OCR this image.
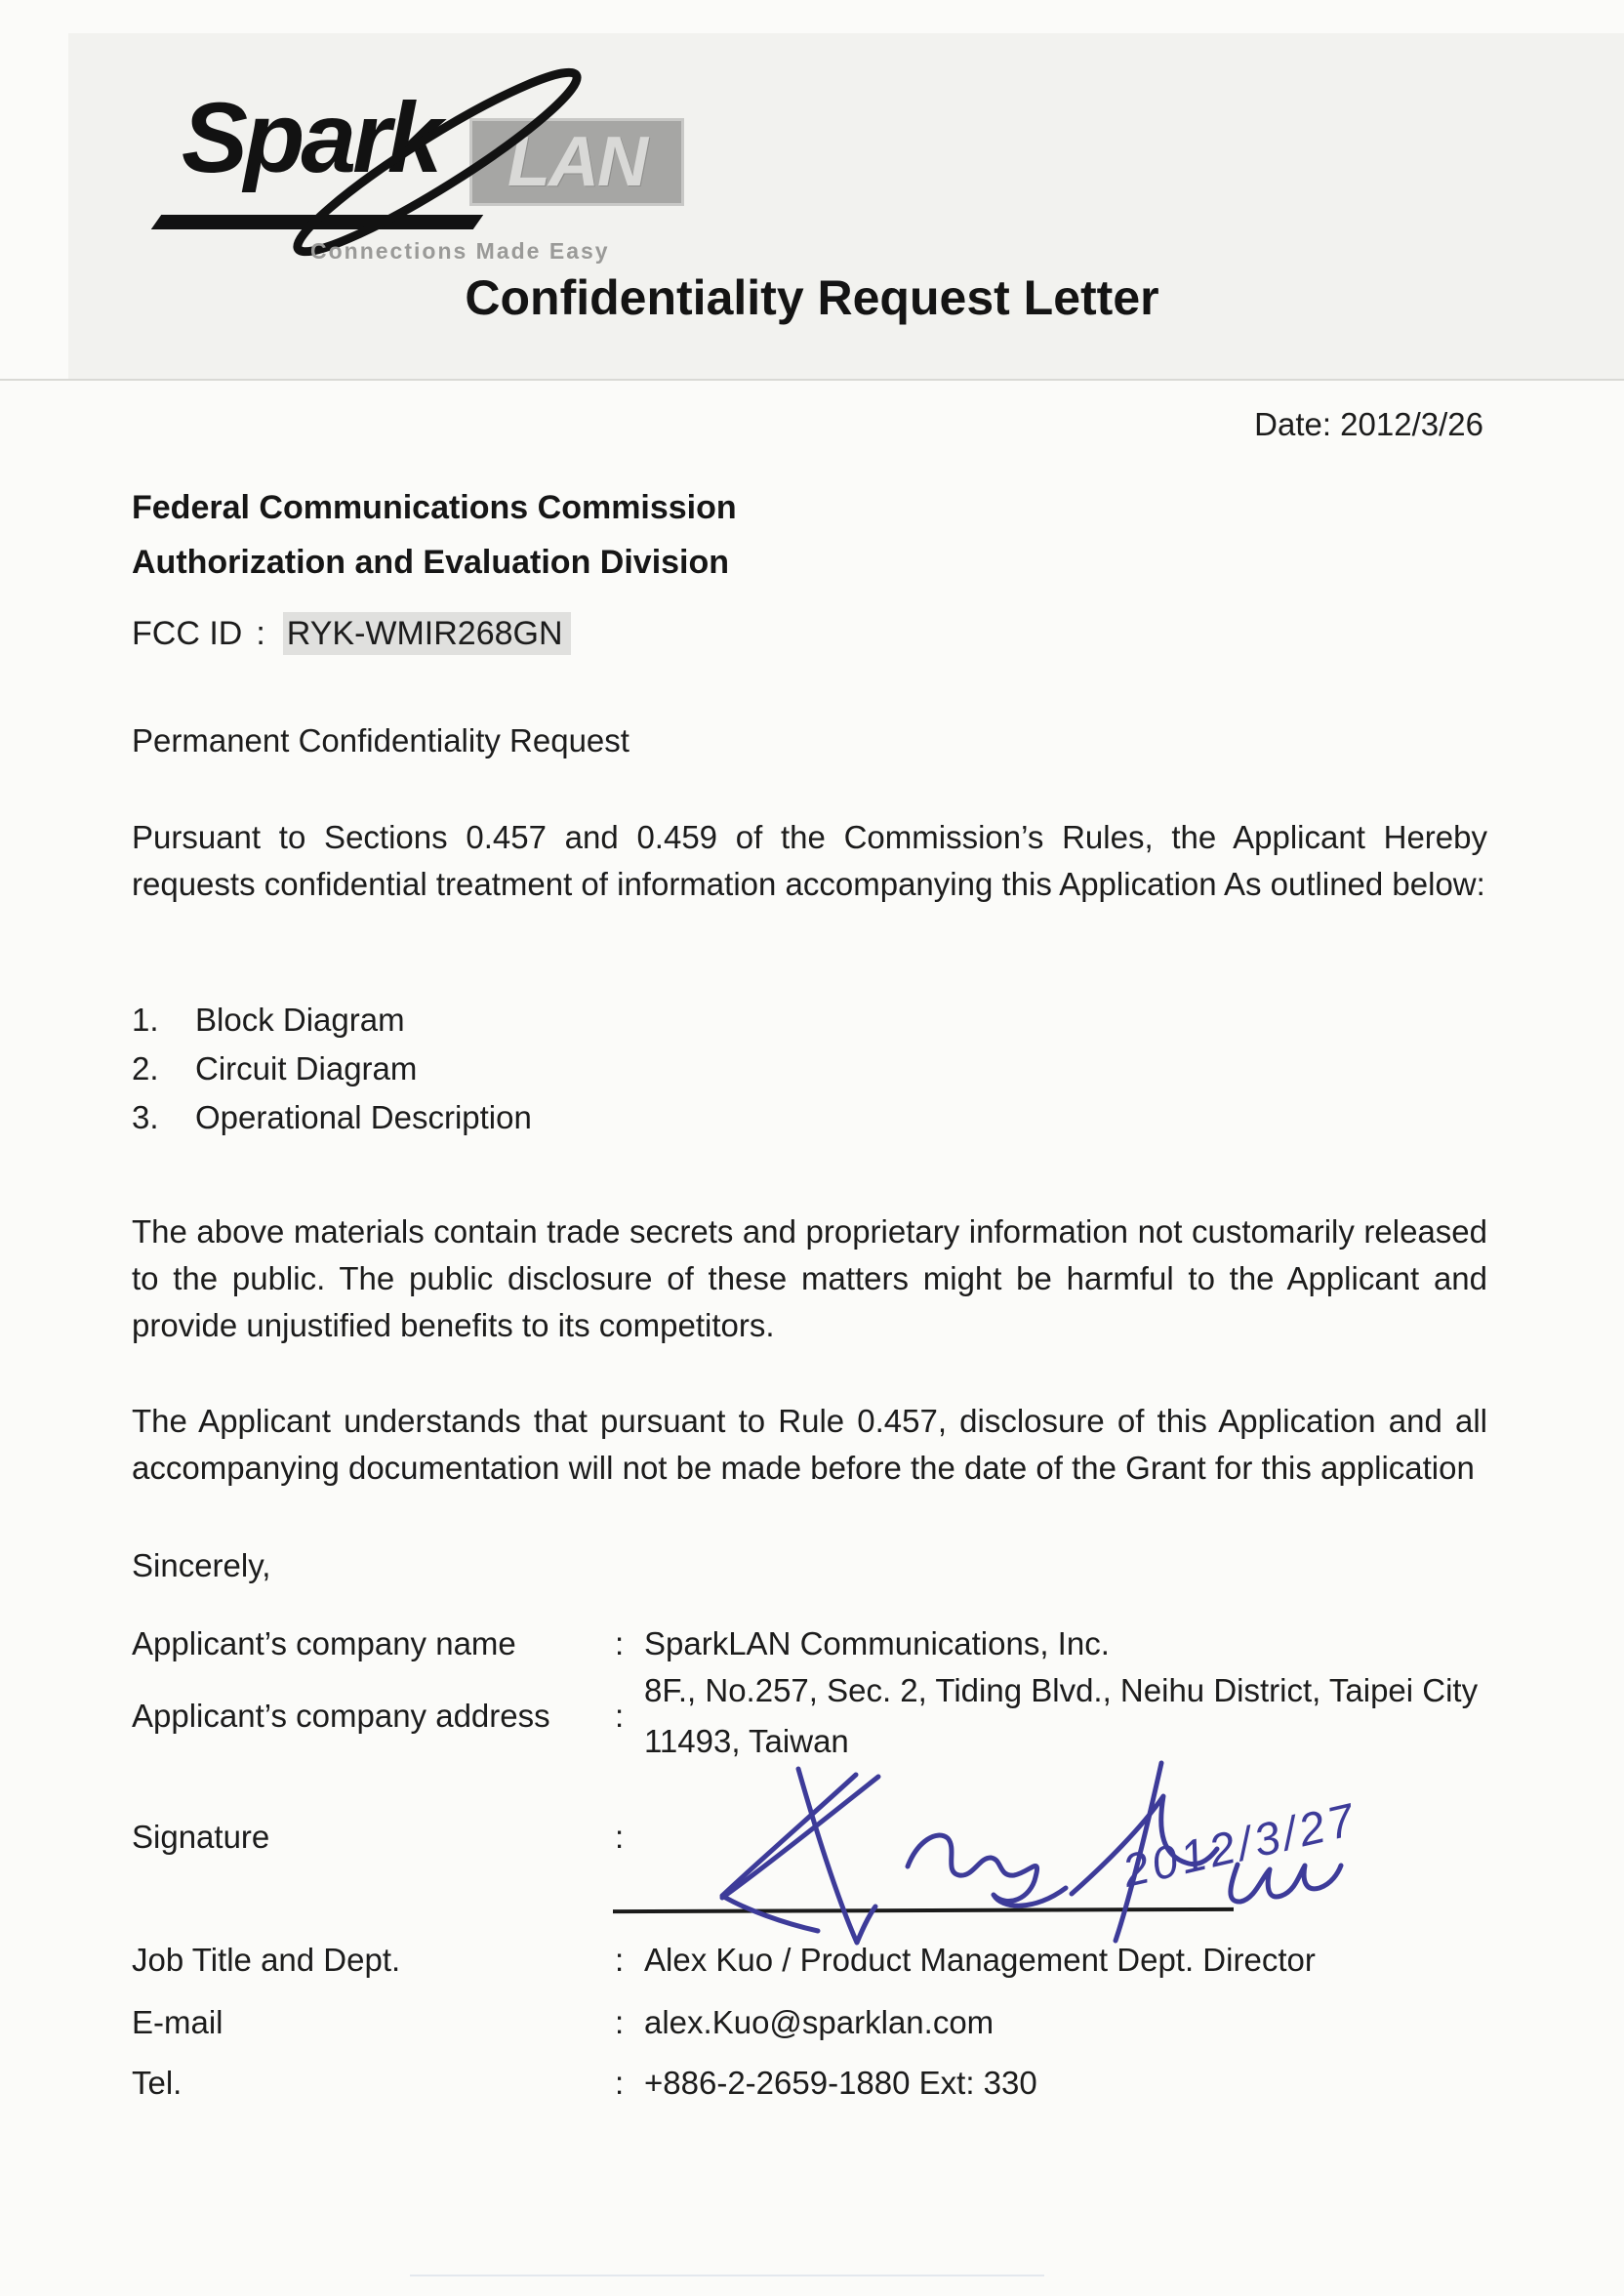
Spark LAN
Connections Made Easy
Confidentiality Request Letter
Date: 2012/3/26
Federal Communications Commission
Authorization and Evaluation Division
FCC ID : RYK-WMIR268GN
Permanent Confidentiality Request
Pursuant to Sections 0.457 and 0.459 of the Commission’s Rules, the Applicant Hereby requests confidential treatment of information accompanying this Application As outlined below:
1.	Block Diagram
2.	Circuit Diagram
3.	Operational Description
The above materials contain trade secrets and proprietary information not customarily released to the public. The public disclosure of these matters might be harmful to the Applicant and provide unjustified benefits to its competitors.
The Applicant understands that pursuant to Rule 0.457, disclosure of this Application and all accompanying documentation will not be made before the date of the Grant for this application
Sincerely,
Applicant’s company name	: SparkLAN Communications, Inc.
Applicant’s company address	:
8F., No.257, Sec. 2, Tiding Blvd., Neihu District, Taipei City 11493, Taiwan
Signature	:
Job Title and Dept.	: Alex Kuo / Product Management Dept. Director
E-mail	: alex.Kuo@sparklan.com
Tel.	: +886-2-2659-1880 Ext: 330
2012/3/27
